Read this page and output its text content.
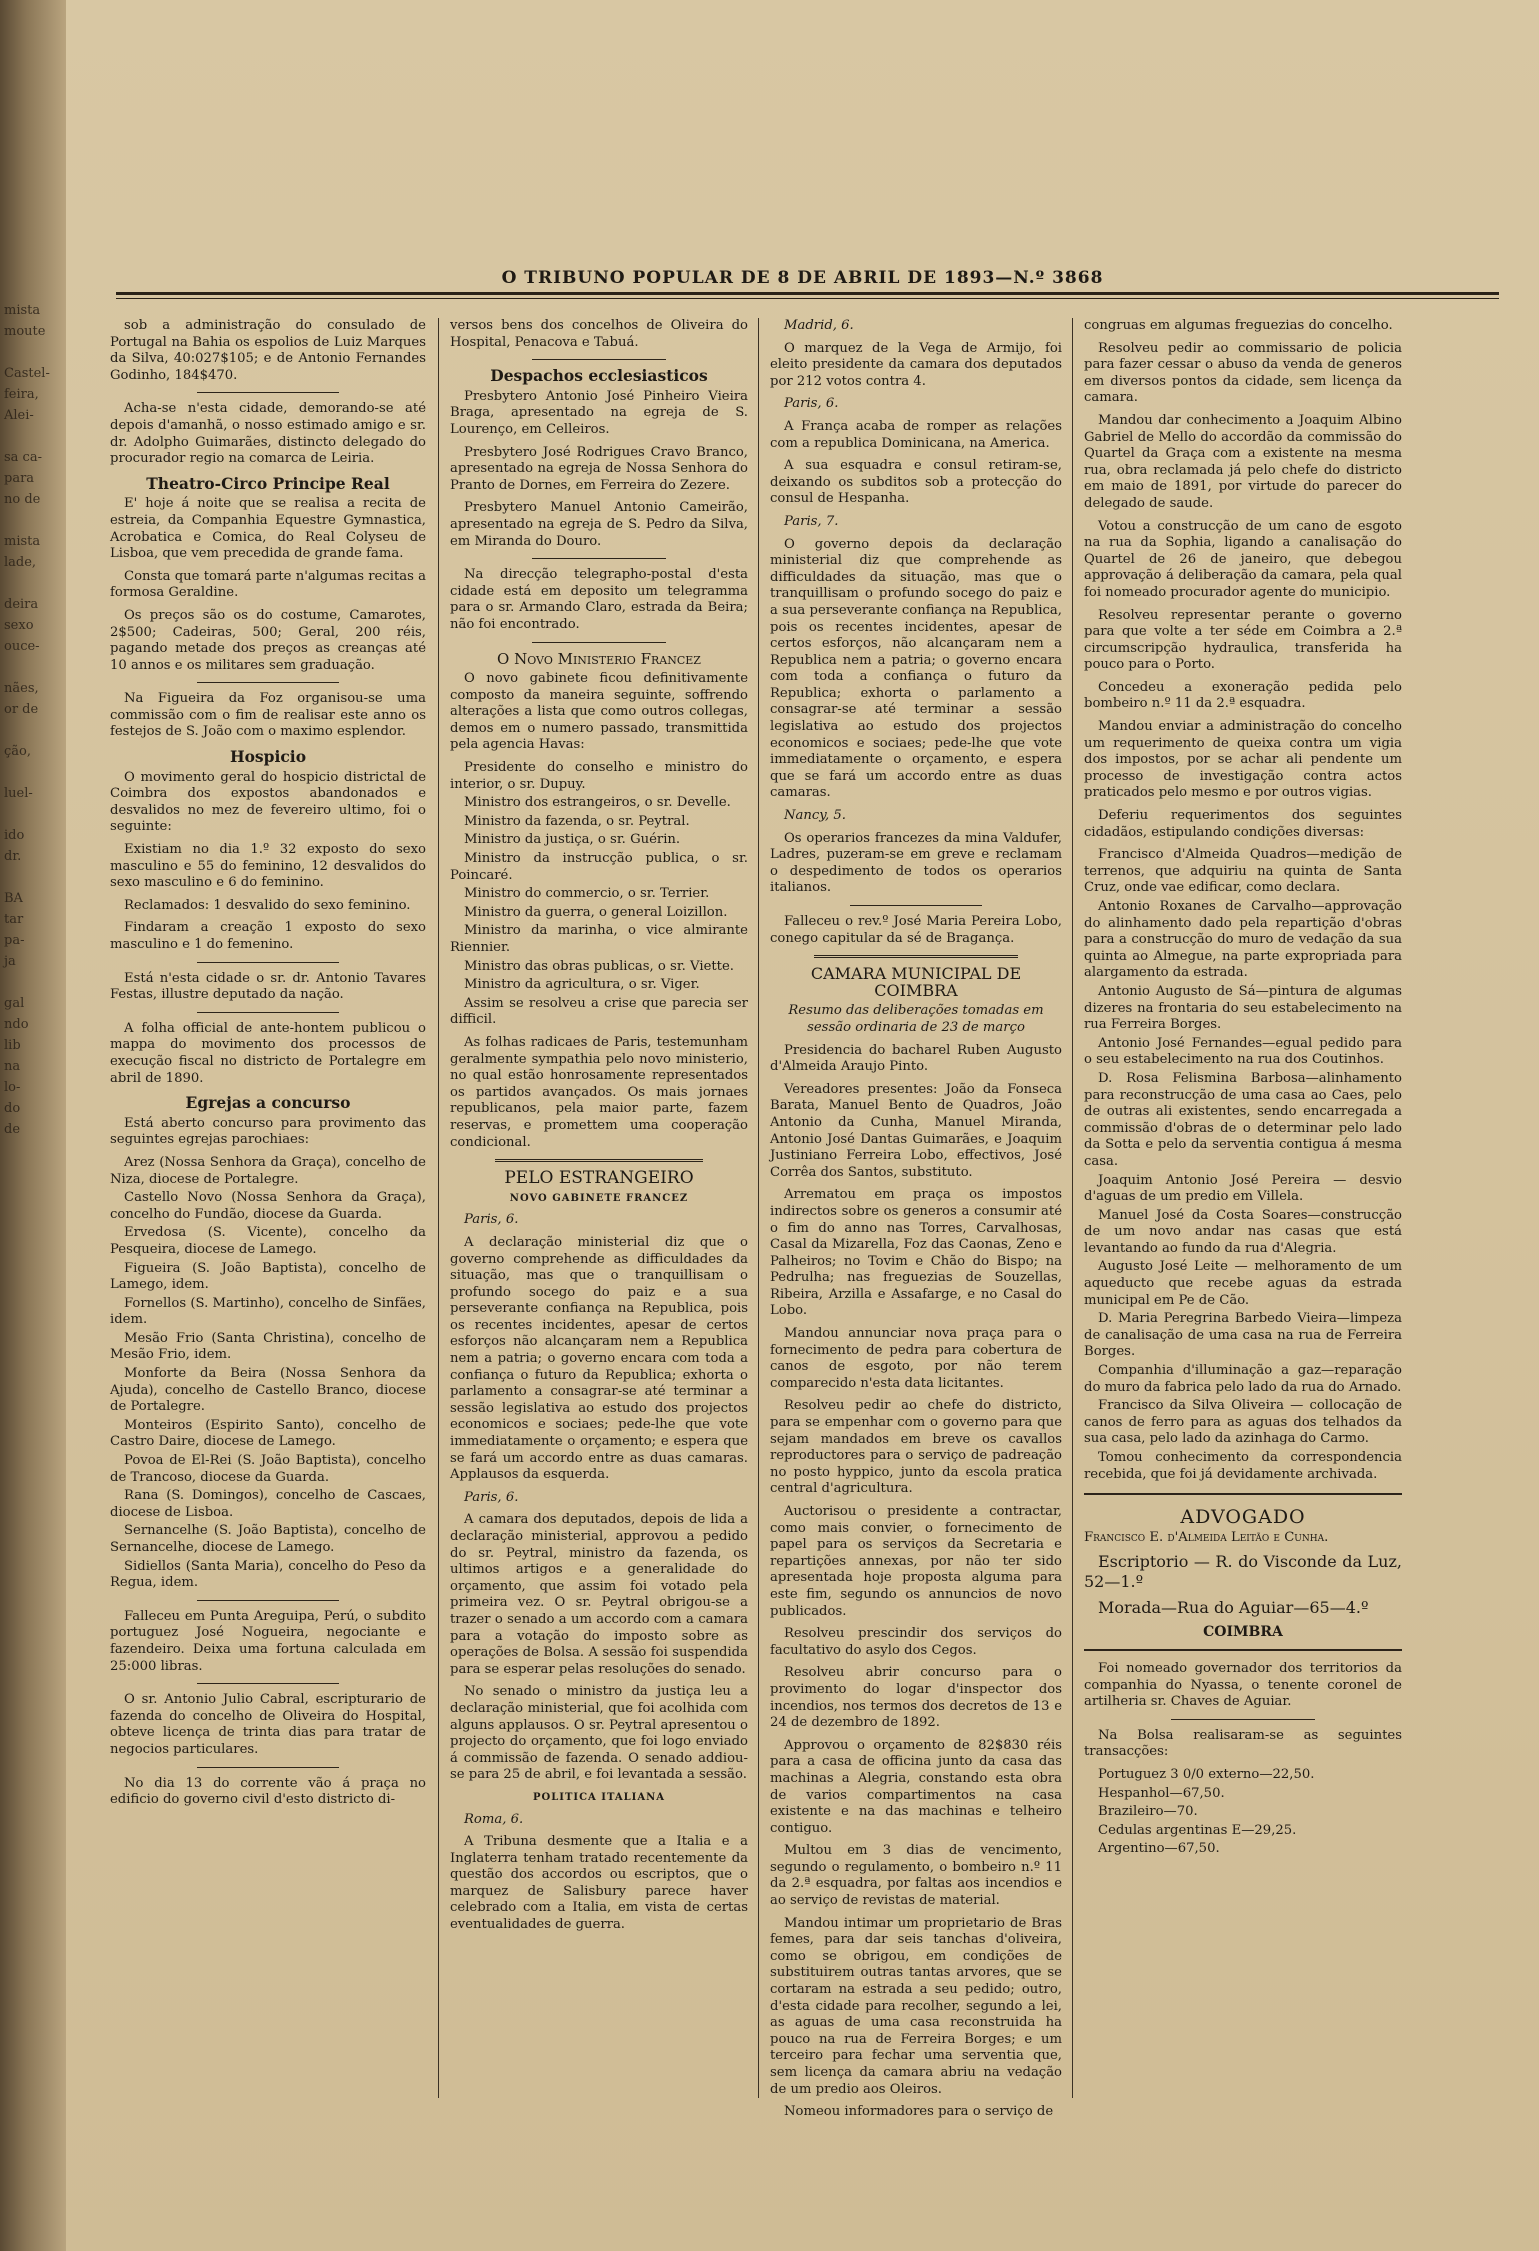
mista
moute

Castel-
feira,
Alei-

sa ca-
para
no de

mista
lade,

deira
sexo
ouce-

nães,
or de

ção,

luel-

ido
dr.

BA
tar
pa-
ja

gal
ndo
lib
na
lo-
do
de
O TRIBUNO POPULAR DE 8 DE ABRIL DE 1893—N.º 3868

sob a administração do consulado de Portugal na Bahia os espolios de Luiz Marques da Silva, 40:027$105; e de Antonio Fernandes Godinho, 184$470.

Acha-se n'esta cidade, demorando-se até depois d'amanhã, o nosso estimado amigo e sr. dr. Adolpho Guimarães, distincto delegado do procurador regio na comarca de Leiria.

Theatro-Circo Principe Real

E' hoje á noite que se realisa a recita de estreia, da Companhia Equestre Gymnastica, Acrobatica e Comica, do Real Colyseu de Lisboa, que vem precedida de grande fama.

Consta que tomará parte n'algumas recitas a formosa Geraldine.

Os preços são os do costume, Camarotes, 2$500; Cadeiras, 500; Geral, 200 réis, pagando metade dos preços as creanças até 10 annos e os militares sem graduação.

Na Figueira da Foz organisou-se uma commissão com o fim de realisar este anno os festejos de S. João com o maximo esplendor.

Hospicio

O movimento geral do hospicio districtal de Coimbra dos expostos abandonados e desvalidos no mez de fevereiro ultimo, foi o seguinte:

Existiam no dia 1.º 32 exposto do sexo masculino e 55 do feminino, 12 desvalidos do sexo masculino e 6 do feminino.

Reclamados: 1 desvalido do sexo feminino.

Findaram a creação 1 exposto do sexo masculino e 1 do femenino.

Está n'esta cidade o sr. dr. Antonio Tavares Festas, illustre deputado da nação.

A folha official de ante-hontem publicou o mappa do movimento dos processos de execução fiscal no districto de Portalegre em abril de 1890.

Egrejas a concurso

Está aberto concurso para provimento das seguintes egrejas parochiaes:

Arez (Nossa Senhora da Graça), concelho de Niza, diocese de Portalegre.

Castello Novo (Nossa Senhora da Graça), concelho do Fundão, diocese da Guarda.

Ervedosa (S. Vicente), concelho da Pesqueira, diocese de Lamego.

Figueira (S. João Baptista), concelho de Lamego, idem.

Fornellos (S. Martinho), concelho de Sinfães, idem.

Mesão Frio (Santa Christina), concelho de Mesão Frio, idem.

Monforte da Beira (Nossa Senhora da Ajuda), concelho de Castello Branco, diocese de Portalegre.

Monteiros (Espirito Santo), concelho de Castro Daire, diocese de Lamego.

Povoa de El-Rei (S. João Baptista), concelho de Trancoso, diocese da Guarda.

Rana (S. Domingos), concelho de Cascaes, diocese de Lisboa.

Sernancelhe (S. João Baptista), concelho de Sernancelhe, diocese de Lamego.

Sidiellos (Santa Maria), concelho do Peso da Regua, idem.

Falleceu em Punta Areguipa, Perú, o subdito portuguez José Nogueira, negociante e fazendeiro. Deixa uma fortuna calculada em 25:000 libras.

O sr. Antonio Julio Cabral, escripturario de fazenda do concelho de Oliveira do Hospital, obteve licença de trinta dias para tratar de negocios particulares.

No dia 13 do corrente vão á praça no edificio do governo civil d'esto districto di-

versos bens dos concelhos de Oliveira do Hospital, Penacova e Tabuá.

Despachos ecclesiasticos

Presbytero Antonio José Pinheiro Vieira Braga, apresentado na egreja de S. Lourenço, em Celleiros.

Presbytero José Rodrigues Cravo Branco, apresentado na egreja de Nossa Senhora do Pranto de Dornes, em Ferreira do Zezere.

Presbytero Manuel Antonio Cameirão, apresentado na egreja de S. Pedro da Silva, em Miranda do Douro.

Na direcção telegrapho-postal d'esta cidade está em deposito um telegramma para o sr. Armando Claro, estrada da Beira; não foi encontrado.

O Novo Ministerio Francez

O novo gabinete ficou definitivamente composto da maneira seguinte, soffrendo alterações a lista que como outros collegas, demos em o numero passado, transmittida pela agencia Havas:

Presidente do conselho e ministro do interior, o sr. Dupuy.

Ministro dos estrangeiros, o sr. Develle.

Ministro da fazenda, o sr. Peytral.

Ministro da justiça, o sr. Guérin.

Ministro da instrucção publica, o sr. Poincaré.

Ministro do commercio, o sr. Terrier.

Ministro da guerra, o general Loizillon.

Ministro da marinha, o vice almirante Riennier.

Ministro das obras publicas, o sr. Viette.

Ministro da agricultura, o sr. Viger.

Assim se resolveu a crise que parecia ser difficil.

As folhas radicaes de Paris, testemunham geralmente sympathia pelo novo ministerio, no qual estão honrosamente representados os partidos avançados. Os mais jornaes republicanos, pela maior parte, fazem reservas, e promettem uma cooperação condicional.

PELO ESTRANGEIRO
NOVO GABINETE FRANCEZ

Paris, 6.

A declaração ministerial diz que o governo comprehende as difficuldades da situação, mas que o tranquillisam o profundo socego do paiz e a sua perseverante confiança na Republica, pois os recentes incidentes, apesar de certos esforços não alcançaram nem a Republica nem a patria; o governo encara com toda a confiança o futuro da Republica; exhorta o parlamento a consagrar-se até terminar a sessão legislativa ao estudo dos projectos economicos e sociaes; pede-lhe que vote immediatamente o orçamento; e espera que se fará um accordo entre as duas camaras. Applausos da esquerda.

Paris, 6.

A camara dos deputados, depois de lida a declaração ministerial, approvou a pedido do sr. Peytral, ministro da fazenda, os ultimos artigos e a generalidade do orçamento, que assim foi votado pela primeira vez. O sr. Peytral obrigou-se a trazer o senado a um accordo com a camara para a votação do imposto sobre as operações de Bolsa. A sessão foi suspendida para se esperar pelas resoluções do senado.

No senado o ministro da justiça leu a declaração ministerial, que foi acolhida com alguns applausos. O sr. Peytral apresentou o projecto do orçamento, que foi logo enviado á commissão de fazenda. O senado addiou-se para 25 de abril, e foi levantada a sessão.

POLITICA ITALIANA

Roma, 6.

A Tribuna desmente que a Italia e a Inglaterra tenham tratado recentemente da questão dos accordos ou escriptos, que o marquez de Salisbury parece haver celebrado com a Italia, em vista de certas eventualidades de guerra.

Madrid, 6.

O marquez de la Vega de Armijo, foi eleito presidente da camara dos deputados por 212 votos contra 4.

Paris, 6.

A França acaba de romper as relações com a republica Dominicana, na America.

A sua esquadra e consul retiram-se, deixando os subditos sob a protecção do consul de Hespanha.

Paris, 7.

O governo depois da declaração ministerial diz que comprehende as difficuldades da situação, mas que o tranquillisam o profundo socego do paiz e a sua perseverante confiança na Republica, pois os recentes incidentes, apesar de certos esforços, não alcançaram nem a Republica nem a patria; o governo encara com toda a confiança o futuro da Republica; exhorta o parlamento a consagrar-se até terminar a sessão legislativa ao estudo dos projectos economicos e sociaes; pede-lhe que vote immediatamente o orçamento, e espera que se fará um accordo entre as duas camaras.

Nancy, 5.

Os operarios francezes da mina Valdufer, Ladres, puzeram-se em greve e reclamam o despedimento de todos os operarios italianos.

Falleceu o rev.º José Maria Pereira Lobo, conego capitular da sé de Bragança.

CAMARA MUNICIPAL DE COIMBRA

Resumo das deliberações tomadas em sessão ordinaria de 23 de março

Presidencia do bacharel Ruben Augusto d'Almeida Araujo Pinto.

Vereadores presentes: João da Fonseca Barata, Manuel Bento de Quadros, João Antonio da Cunha, Manuel Miranda, Antonio José Dantas Guimarães, e Joaquim Justiniano Ferreira Lobo, effectivos, José Corrêa dos Santos, substituto.

Arrematou em praça os impostos indirectos sobre os generos a consumir até o fim do anno nas Torres, Carvalhosas, Casal da Mizarella, Foz das Caonas, Zeno e Palheiros; no Tovim e Chão do Bispo; na Pedrulha; nas freguezias de Souzellas, Ribeira, Arzilla e Assafarge, e no Casal do Lobo.

Mandou annunciar nova praça para o fornecimento de pedra para cobertura de canos de esgoto, por não terem comparecido n'esta data licitantes.

Resolveu pedir ao chefe do districto, para se empenhar com o governo para que sejam mandados em breve os cavallos reproductores para o serviço de padreação no posto hyppico, junto da escola pratica central d'agricultura.

Auctorisou o presidente a contractar, como mais convier, o fornecimento de papel para os serviços da Secretaria e repartições annexas, por não ter sido apresentada hoje proposta alguma para este fim, segundo os annuncios de novo publicados.

Resolveu prescindir dos serviços do facultativo do asylo dos Cegos.

Resolveu abrir concurso para o provimento do logar d'inspector dos incendios, nos termos dos decretos de 13 e 24 de dezembro de 1892.

Approvou o orçamento de 82$830 réis para a casa de officina junto da casa das machinas a Alegria, constando esta obra de varios compartimentos na casa existente e na das machinas e telheiro contiguo.

Multou em 3 dias de vencimento, segundo o regulamento, o bombeiro n.º 11 da 2.ª esquadra, por faltas aos incendios e ao serviço de revistas de material.

Mandou intimar um proprietario de Bras femes, para dar seis tanchas d'oliveira, como se obrigou, em condições de substituirem outras tantas arvores, que se cortaram na estrada a seu pedido; outro, d'esta cidade para recolher, segundo a lei, as aguas de uma casa reconstruida ha pouco na rua de Ferreira Borges; e um terceiro para fechar uma serventia que, sem licença da camara abriu na vedação de um predio aos Oleiros.

Nomeou informadores para o serviço de

congruas em algumas freguezias do concelho.

Resolveu pedir ao commissario de policia para fazer cessar o abuso da venda de generos em diversos pontos da cidade, sem licença da camara.

Mandou dar conhecimento a Joaquim Albino Gabriel de Mello do accordão da commissão do Quartel da Graça com a existente na mesma rua, obra reclamada já pelo chefe do districto em maio de 1891, por virtude do parecer do delegado de saude.

Votou a construcção de um cano de esgoto na rua da Sophia, ligando a canalisação do Quartel de 26 de janeiro, que debegou approvação á deliberação da camara, pela qual foi nomeado procurador agente do municipio.

Resolveu representar perante o governo para que volte a ter séde em Coimbra a 2.ª circumscripção hydraulica, transferida ha pouco para o Porto.

Concedeu a exoneração pedida pelo bombeiro n.º 11 da 2.ª esquadra.

Mandou enviar a administração do concelho um requerimento de queixa contra um vigia dos impostos, por se achar ali pendente um processo de investigação contra actos praticados pelo mesmo e por outros vigias.

Deferiu requerimentos dos seguintes cidadãos, estipulando condições diversas:

Francisco d'Almeida Quadros—medição de terrenos, que adquiriu na quinta de Santa Cruz, onde vae edificar, como declara.

Antonio Roxanes de Carvalho—approvação do alinhamento dado pela repartição d'obras para a construcção do muro de vedação da sua quinta ao Almegue, na parte expropriada para alargamento da estrada.

Antonio Augusto de Sá—pintura de algumas dizeres na frontaria do seu estabelecimento na rua Ferreira Borges.

Antonio José Fernandes—egual pedido para o seu estabelecimento na rua dos Coutinhos.

D. Rosa Felismina Barbosa—alinhamento para reconstrucção de uma casa ao Caes, pelo de outras ali existentes, sendo encarregada a commissão d'obras de o determinar pelo lado da Sotta e pelo da serventia contigua á mesma casa.

Joaquim Antonio José Pereira — desvio d'aguas de um predio em Villela.

Manuel José da Costa Soares—construcção de um novo andar nas casas que está levantando ao fundo da rua d'Alegria.

Augusto José Leite — melhoramento de um aqueducto que recebe aguas da estrada municipal em Pe de Cão.

D. Maria Peregrina Barbedo Vieira—limpeza de canalisação de uma casa na rua de Ferreira Borges.

Companhia d'illuminação a gaz—reparação do muro da fabrica pelo lado da rua do Arnado.

Francisco da Silva Oliveira — collocação de canos de ferro para as aguas dos telhados da sua casa, pelo lado da azinhaga do Carmo.

Tomou conhecimento da correspondencia recebida, que foi já devidamente archivada.

ADVOGADO

Francisco E. d'Almeida Leitão e Cunha.

Escriptorio — R. do Visconde da Luz, 52—1.º

Morada—Rua do Aguiar—65—4.º

COIMBRA

Foi nomeado governador dos territorios da companhia do Nyassa, o tenente coronel de artilheria sr. Chaves de Aguiar.

Na Bolsa realisaram-se as seguintes transacções:

Portuguez 3 0/0 externo—22,50.

Hespanhol—67,50.

Brazileiro—70.

Cedulas argentinas E—29,25.

Argentino—67,50.
